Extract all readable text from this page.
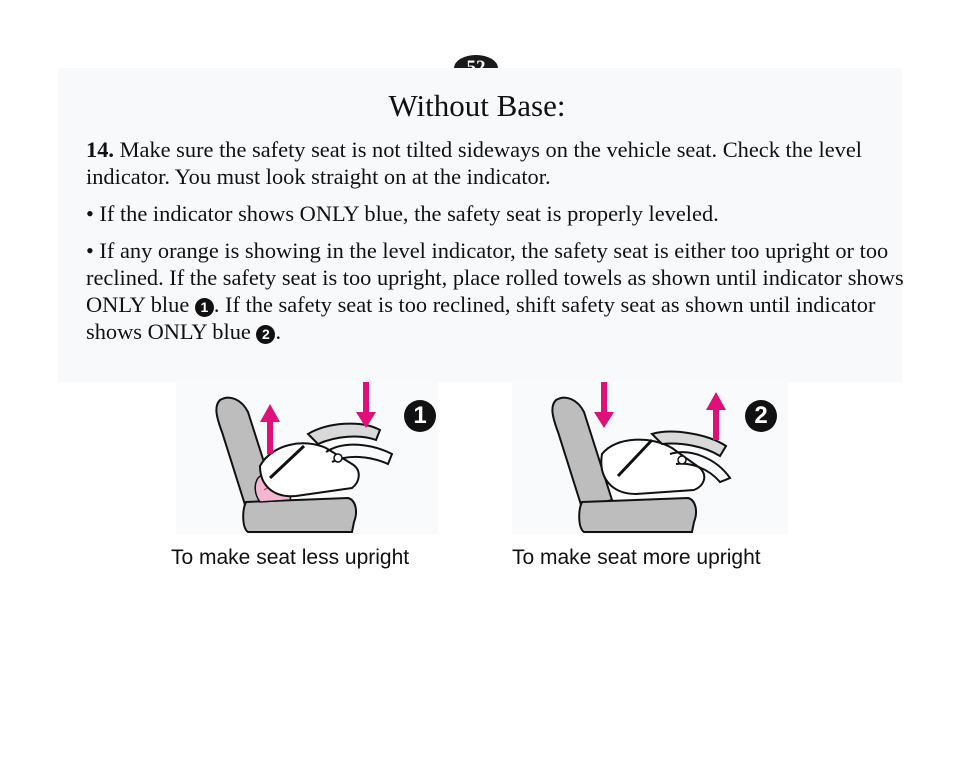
Without Base:

14. Make sure the safety seat is not tilted sideways on the vehicle seat. Check the level indicator. You must look straight on at the indicator.

• If the indicator shows ONLY blue, the safety seat is properly leveled.

• If any orange is showing in the level indicator, the safety seat is either too upright or too reclined. If the safety seat is too upright, place rolled towels as shown until indicator shows ONLY blue 1 . If the safety seat is too reclined, shift safety seat as shown until indicator shows ONLY blue 2 .

1	2
To make seat less upright	To make seat more upright
